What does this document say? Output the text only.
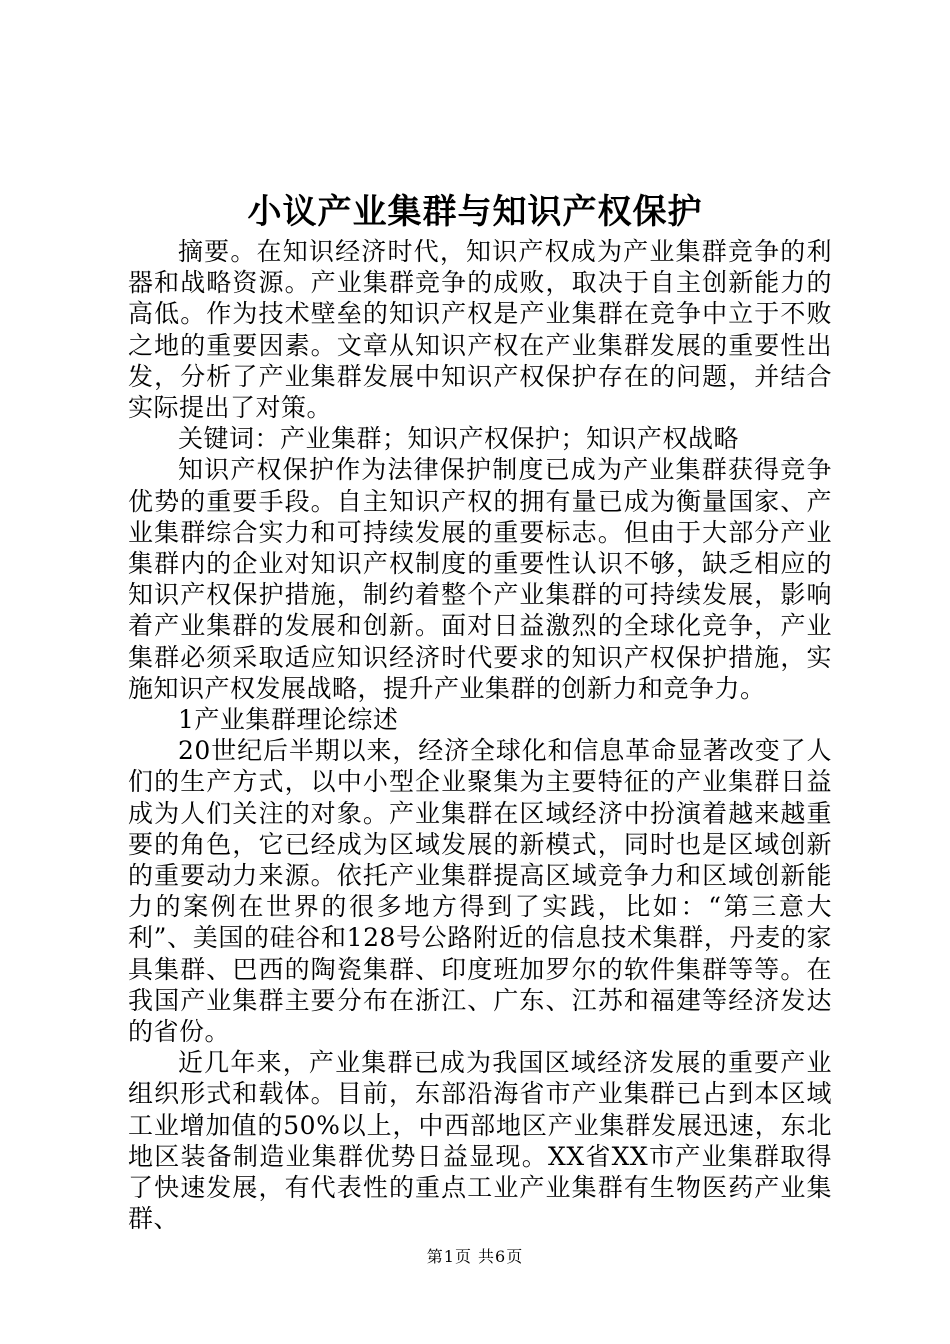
小议产业集群与知识产权保护

摘要。在知识经济时代，知识产权成为产业集群竞争的利器和战略资源。产业集群竞争的成败，取决于自主创新能力的高低。作为技术壁垒的知识产权是产业集群在竞争中立于不败之地的重要因素。文章从知识产权在产业集群发展的重要性出发，分析了产业集群发展中知识产权保护存在的问题，并结合实际提出了对策。

关键词：产业集群；知识产权保护；知识产权战略

知识产权保护作为法律保护制度已成为产业集群获得竞争优势的重要手段。自主知识产权的拥有量已成为衡量国家、产业集群综合实力和可持续发展的重要标志。但由于大部分产业集群内的企业对知识产权制度的重要性认识不够，缺乏相应的知识产权保护措施，制约着整个产业集群的可持续发展，影响着产业集群的发展和创新。面对日益激烈的全球化竞争，产业集群必须采取适应知识经济时代要求的知识产权保护措施，实施知识产权发展战略，提升产业集群的创新力和竞争力。

1产业集群理论综述

20世纪后半期以来，经济全球化和信息革命显著改变了人们的生产方式，以中小型企业聚集为主要特征的产业集群日益成为人们关注的对象。产业集群在区域经济中扮演着越来越重要的角色，它已经成为区域发展的新模式，同时也是区域创新的重要动力来源。依托产业集群提高区域竞争力和区域创新能力的案例在世界的很多地方得到了实践，比如：“第三意大利”、美国的硅谷和128号公路附近的信息技术集群，丹麦的家具集群、巴西的陶瓷集群、印度班加罗尔的软件集群等等。在我国产业集群主要分布在浙江、广东、江苏和福建等经济发达的省份。

近几年来，产业集群已成为我国区域经济发展的重要产业组织形式和载体。目前，东部沿海省市产业集群已占到本区域工业增加值的50%以上，中西部地区产业集群发展迅速，东北地区装备制造业集群优势日益显现。XX省XX市产业集群取得了快速发展，有代表性的重点工业产业集群有生物医药产业集群、

第1页 共6页
